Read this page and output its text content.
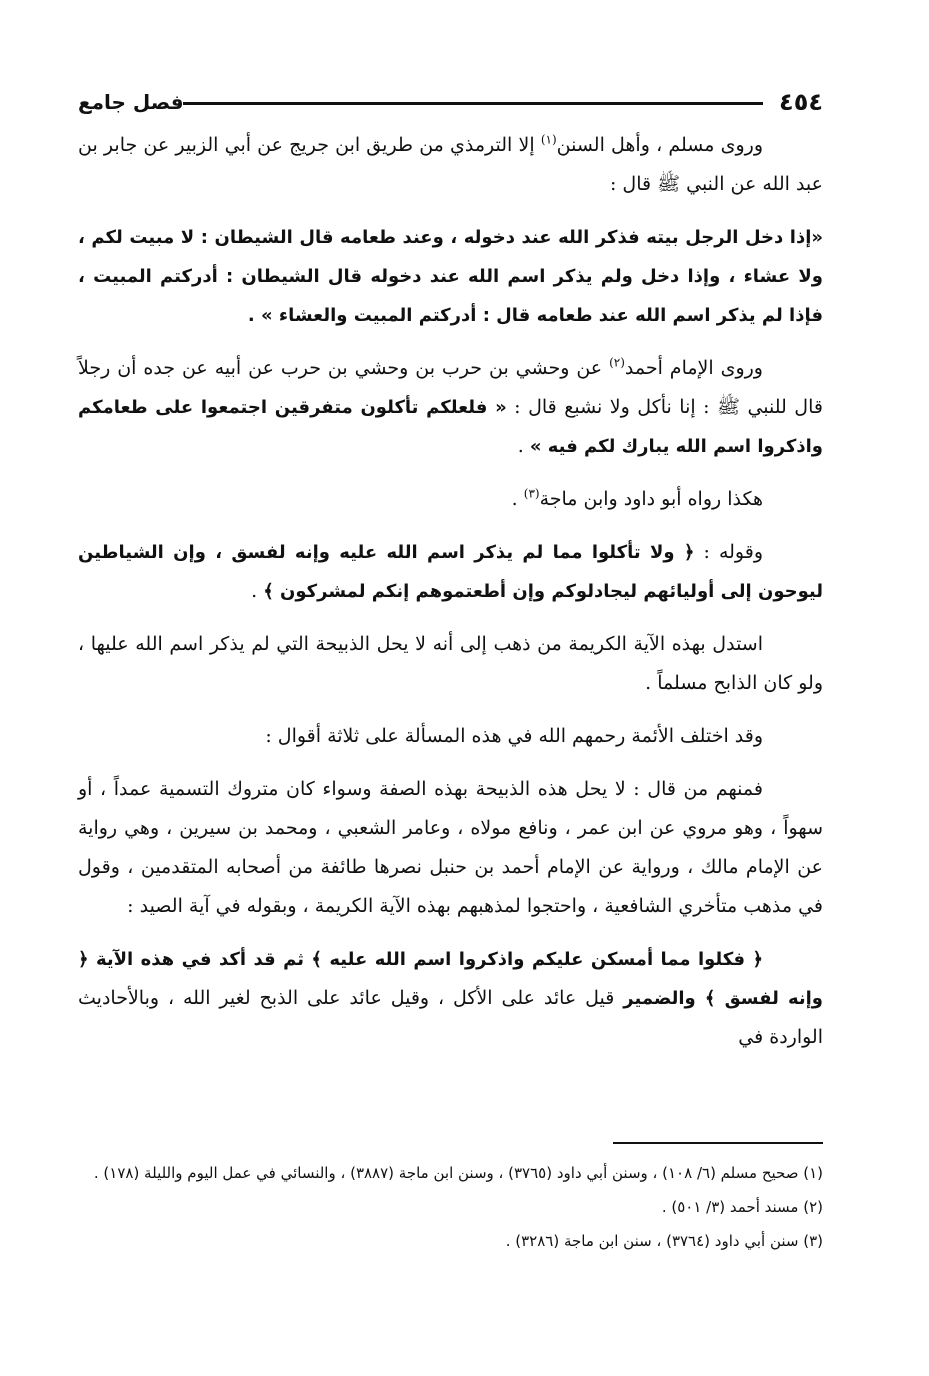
٤٥٤
فصل جامع

وروى مسلم ، وأهل السنن$^{(١)}$ إلا الترمذي من طريق ابن جريج عن أبي الزبير عن جابر بن عبد الله عن النبي ﷺ قال :

«إذا دخل الرجل بيته فذكر الله عند دخوله ، وعند طعامه قال الشيطان : لا مبيت لكم ، ولا عشاء ، وإذا دخل ولم يذكر اسم الله عند دخوله قال الشيطان : أدركتم المبيت ، فإذا لم يذكر اسم الله عند طعامه قال : أدركتم المبيت والعشاء » .

وروى الإمام أحمد$^{(٢)}$ عن وحشي بن حرب بن وحشي بن حرب عن أبيه عن جده أن رجلاً قال للنبي ﷺ : إنا نأكل ولا نشبع قال : « فلعلكم تأكلون متفرقين اجتمعوا على طعامكم واذكروا اسم الله يبارك لكم فيه » .

هكذا رواه أبو داود وابن ماجة$^{(٣)}$ .

وقوله : ﴿ ولا تأكلوا مما لم يذكر اسم الله عليه وإنه لفسق ، وإن الشياطين ليوحون إلى أوليائهم ليجادلوكم وإن أطعتموهم إنكم لمشركون ﴾ .

استدل بهذه الآية الكريمة من ذهب إلى أنه لا يحل الذبيحة التي لم يذكر اسم الله عليها ، ولو كان الذابح مسلماً .

وقد اختلف الأئمة رحمهم الله في هذه المسألة على ثلاثة أقوال :

فمنهم من قال : لا يحل هذه الذبيحة بهذه الصفة وسواء كان متروك التسمية عمداً ، أو سهواً ، وهو مروي عن ابن عمر ، ونافع مولاه ، وعامر الشعبي ، ومحمد بن سيرين ، وهي رواية عن الإمام مالك ، ورواية عن الإمام أحمد بن حنبل نصرها طائفة من أصحابه المتقدمين ، وقول في مذهب متأخري الشافعية ، واحتجوا لمذهبهم بهذه الآية الكريمة ، وبقوله في آية الصيد :

﴿ فكلوا مما أمسكن عليكم واذكروا اسم الله عليه ﴾ ثم قد أكد في هذه الآية ﴿ وإنه لفسق ﴾ والضمير قيل عائد على الأكل ، وقيل عائد على الذبح لغير الله ، وبالأحاديث الواردة في

(١) صحيح مسلم (٦/ ١٠٨) ، وسنن أبي داود (٣٧٦٥) ، وسنن ابن ماجة (٣٨٨٧) ، والنسائي في عمل اليوم والليلة (١٧٨) .

(٢) مسند أحمد (٣/ ٥٠١) .

(٣) سنن أبي داود (٣٧٦٤) ، سنن ابن ماجة (٣٢٨٦) .
